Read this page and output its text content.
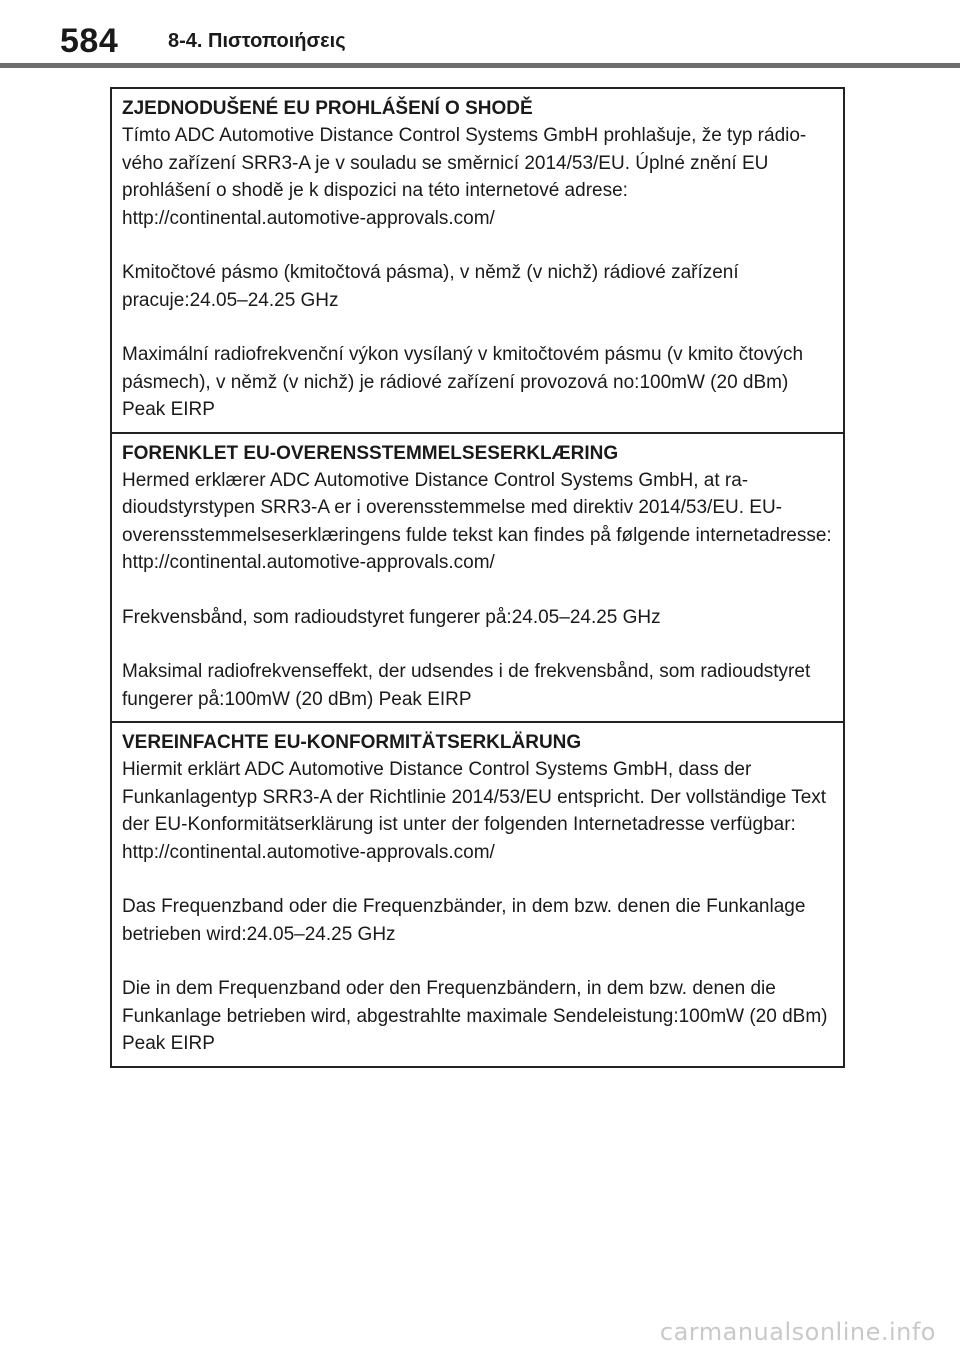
584 8-4. Πιστοποιήσεις
ZJEDNODUŠENÉ EU PROHLÁŠENÍ O SHODĚ

Tímto ADC Automotive Distance Control Systems GmbH prohlašuje, že typ rádio-vého zařízení SRR3-A je v souladu se směrnicí 2014/53/EU. Úplné znění EU prohlášení o shodě je k dispozici na této internetové adrese:

http://continental.automotive-approvals.com/

Kmitočtové pásmo (kmitočtová pásma), v němž (v nichž) rádiové zařízení pracuje:24.05–24.25 GHz

Maximální radiofrekvenční výkon vysílaný v kmitočtovém pásmu (v kmito čtových pásmech), v němž (v nichž) je rádiové zařízení provozová no:100mW (20 dBm) Peak EIRP

FORENKLET EU-OVERENSSTEMMELSESERKLÆRING

Hermed erklærer ADC Automotive Distance Control Systems GmbH, at ra-dioudstyrstypen SRR3-A er i overensstemmelse med direktiv 2014/53/EU. EU-overensstemmelseserklæringens fulde tekst kan findes på følgende internetadresse:

http://continental.automotive-approvals.com/

Frekvensbånd, som radioudstyret fungerer på:24.05–24.25 GHz

Maksimal radiofrekvenseffekt, der udsendes i de frekvensbånd, som radioudstyret fungerer på:100mW (20 dBm) Peak EIRP

VEREINFACHTE EU-KONFORMITÄTSERKLÄRUNG

Hiermit erklärt ADC Automotive Distance Control Systems GmbH, dass der Funkanlagentyp SRR3-A der Richtlinie 2014/53/EU entspricht. Der vollständige Text der EU-Konformitätserklärung ist unter der folgenden Internetadresse verfügbar:

http://continental.automotive-approvals.com/

Das Frequenzband oder die Frequenzbänder, in dem bzw. denen die Funkanlage betrieben wird:24.05–24.25 GHz

Die in dem Frequenzband oder den Frequenzbändern, in dem bzw. denen die Funkanlage betrieben wird, abgestrahlte maximale Sendeleistung:100mW (20 dBm) Peak EIRP

carmanualsonline.info
